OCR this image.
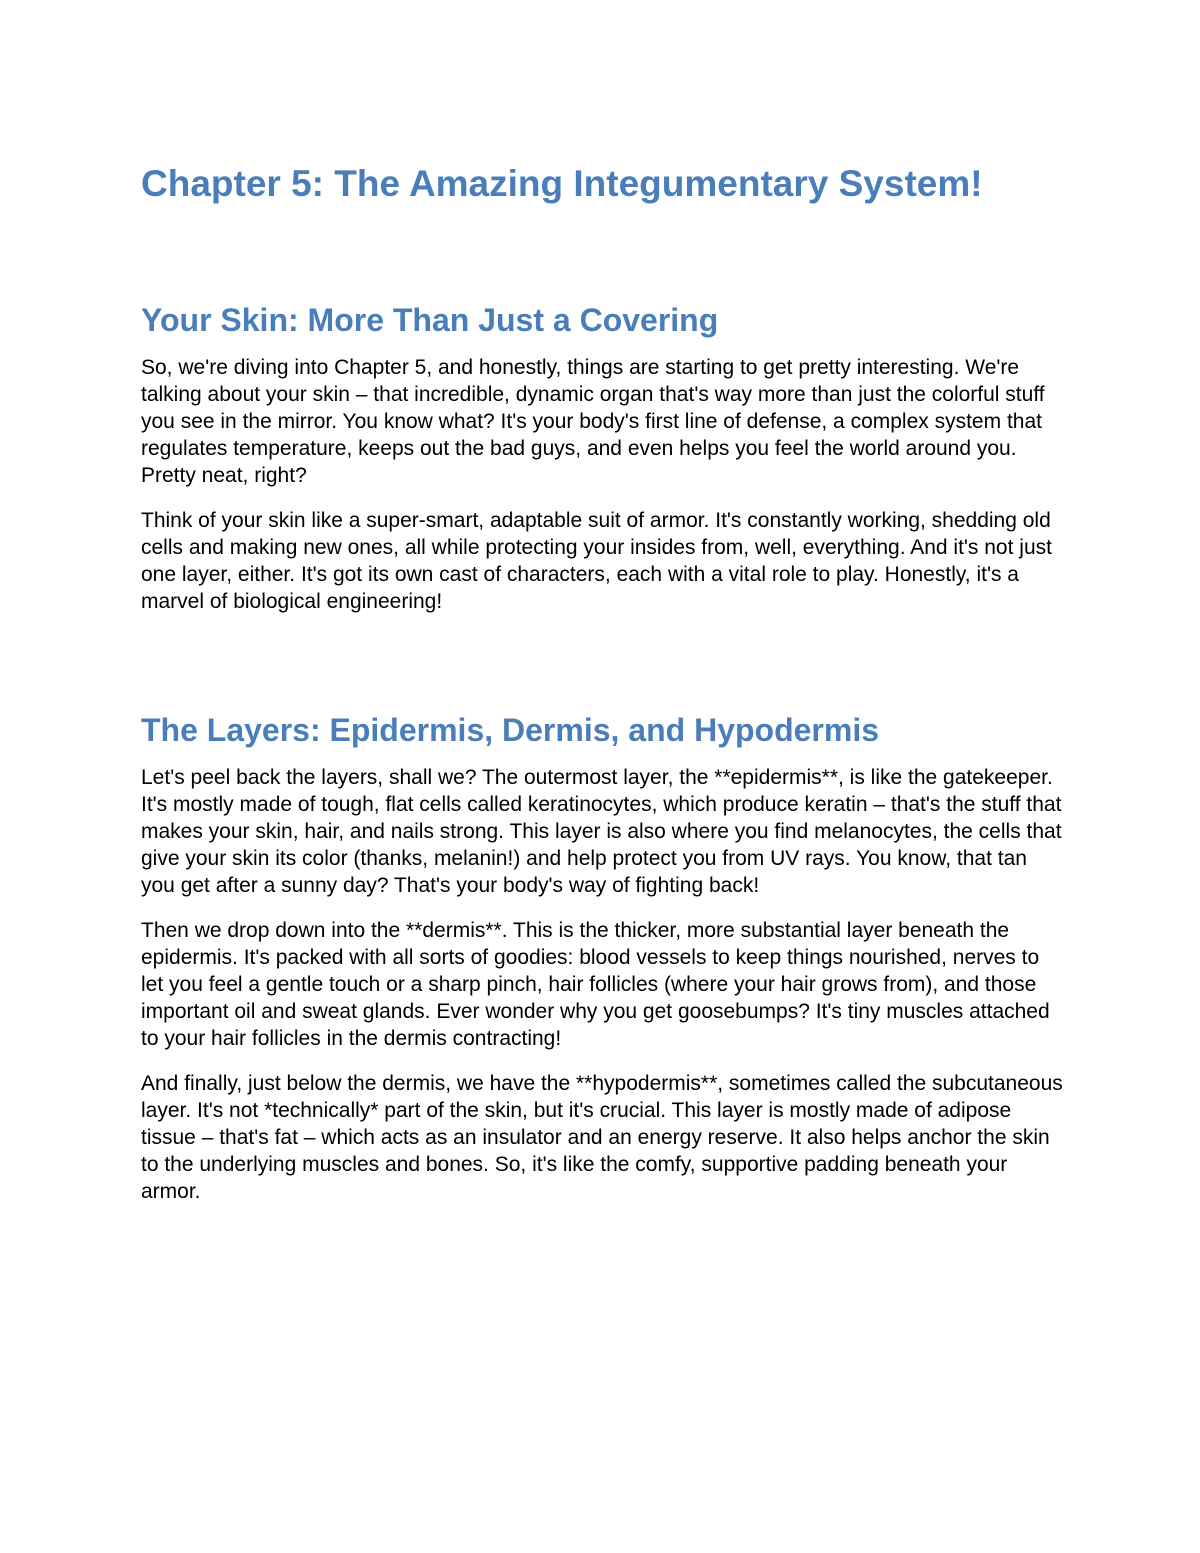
Chapter 5: The Amazing Integumentary System!
Your Skin: More Than Just a Covering

So, we're diving into Chapter 5, and honestly, things are starting to get pretty interesting. We're talking about your skin – that incredible, dynamic organ that's way more than just the colorful stuff you see in the mirror. You know what? It's your body's first line of defense, a complex system that regulates temperature, keeps out the bad guys, and even helps you feel the world around you. Pretty neat, right?

Think of your skin like a super-smart, adaptable suit of armor. It's constantly working, shedding old cells and making new ones, all while protecting your insides from, well, everything. And it's not just one layer, either. It's got its own cast of characters, each with a vital role to play. Honestly, it's a marvel of biological engineering!

The Layers: Epidermis, Dermis, and Hypodermis

Let's peel back the layers, shall we? The outermost layer, the **epidermis**, is like the gatekeeper. It's mostly made of tough, flat cells called keratinocytes, which produce keratin – that's the stuff that makes your skin, hair, and nails strong. This layer is also where you find melanocytes, the cells that give your skin its color (thanks, melanin!) and help protect you from UV rays. You know, that tan you get after a sunny day? That's your body's way of fighting back!

Then we drop down into the **dermis**. This is the thicker, more substantial layer beneath the epidermis. It's packed with all sorts of goodies: blood vessels to keep things nourished, nerves to let you feel a gentle touch or a sharp pinch, hair follicles (where your hair grows from), and those important oil and sweat glands. Ever wonder why you get goosebumps? It's tiny muscles attached to your hair follicles in the dermis contracting!

And finally, just below the dermis, we have the **hypodermis**, sometimes called the subcutaneous layer. It's not *technically* part of the skin, but it's crucial. This layer is mostly made of adipose tissue – that's fat – which acts as an insulator and an energy reserve. It also helps anchor the skin to the underlying muscles and bones. So, it's like the comfy, supportive padding beneath your armor.
